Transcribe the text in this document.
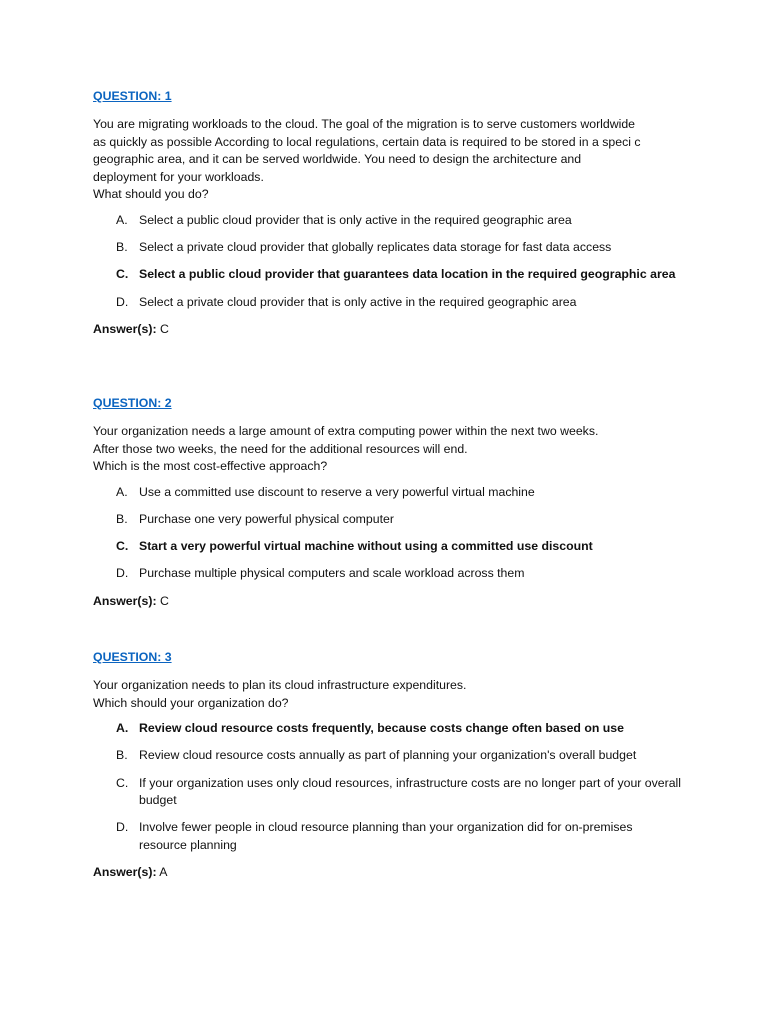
QUESTION: 1

You are migrating workloads to the cloud. The goal of the migration is to serve customers worldwide
as quickly as possible According to local regulations, certain data is required to be stored in a speci c
geographic area, and it can be served worldwide. You need to design the architecture and
deployment for your workloads.
What should you do?

A. Select a public cloud provider that is only active in the required geographic area
B. Select a private cloud provider that globally replicates data storage for fast data access
C. Select a public cloud provider that guarantees data location in the required geographic area
D. Select a private cloud provider that is only active in the required geographic area

Answer(s): C

QUESTION: 2

Your organization needs a large amount of extra computing power within the next two weeks.
After those two weeks, the need for the additional resources will end.
Which is the most cost-effective approach?

A. Use a committed use discount to reserve a very powerful virtual machine
B. Purchase one very powerful physical computer
C. Start a very powerful virtual machine without using a committed use discount
D. Purchase multiple physical computers and scale workload across them

Answer(s): C

QUESTION: 3

Your organization needs to plan its cloud infrastructure expenditures.
Which should your organization do?

A. Review cloud resource costs frequently, because costs change often based on use
B. Review cloud resource costs annually as part of planning your organization's overall budget
C. If your organization uses only cloud resources, infrastructure costs are no longer part of your overall budget
D. Involve fewer people in cloud resource planning than your organization did for on-premises resource planning

Answer(s): A
